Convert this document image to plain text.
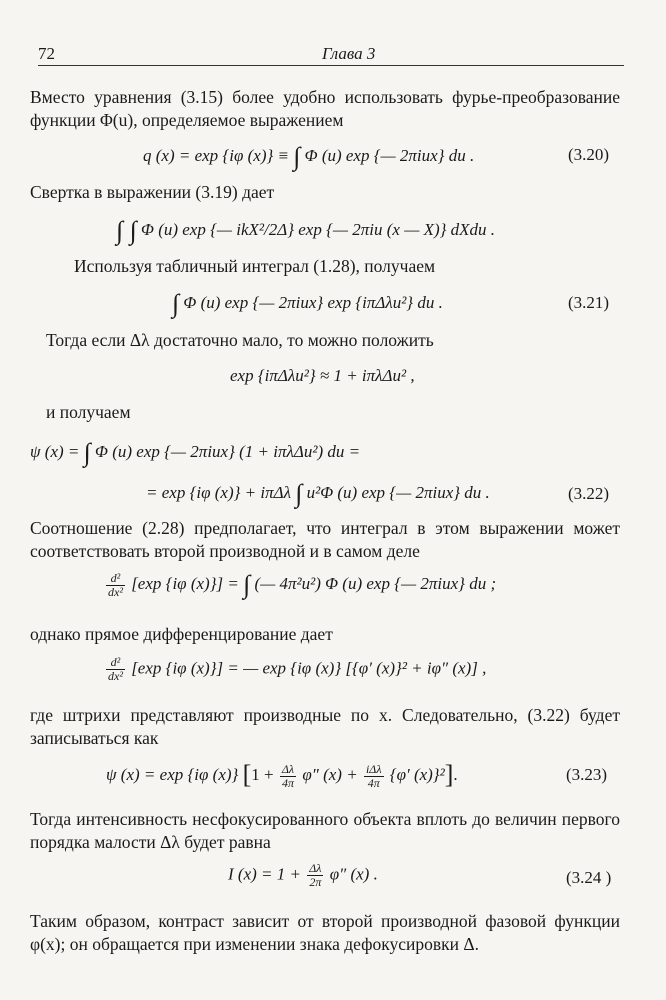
72	Глава 3
Вместо уравнения (3.15) более удобно использовать фурье-преобразование функции Φ(u), определяемое выражением
q (x) = exp {iφ (x)} ≡ ∫ Φ (u) exp {— 2πiux} du .	(3.20)
Свертка в выражении (3.19) дает
∫ ∫ Φ (u) exp {— ikX²/2Δ} exp {— 2πiu (x — X)} dXdu .
Используя табличный интеграл (1.28), получаем
∫ Φ (u) exp {— 2πiux} exp {iπΔλu²} du .	(3.21)
Тогда если Δλ достаточно мало, то можно положить
exp {iπΔλu²} ≈ 1 + iπλΔu² ,
и получаем
ψ (x) = ∫ Φ (u) exp {— 2πiux} (1 + iπλΔu²) du =
= exp {iφ (x)} + iπΔλ ∫ u²Φ (u) exp {— 2πiux} du .	(3.22)
Соотношение (2.28) предполагает, что интеграл в этом выражении может соответствовать второй производной и в самом деле
$\frac{\text{d²}}{\text{dx²}} [\exp$ {iφ (x)}] = ∫ (— 4π²u²) Φ (u) exp {— 2πiux} du ;
однако прямое дифференцирование дает
$\frac{\text{d²}}{\text{dx²}} [\exp$ {iφ (x)}] = — exp {iφ (x)} [{φ′ (x)}² + iφ″ (x)] ,
где штрихи представляют производные по x. Следовательно, (3.22) будет записываться как
ψ (x) = exp {iφ (x)} [$1 + \frac{\Delta\lambda}{4\pi} \varphi''$ $(x) + \frac{\text{iΔλ}}{4\pi} \{\varphi'$ (x)}²].	(3.23)
Тогда интенсивность несфокусированного объекта вплоть до величин первого порядка малости Δλ будет равна
I $(x) = 1 + \frac{\Delta\lambda}{2\pi} \varphi''$ (x) .	(3.24 )
Таким образом, контраст зависит от второй производной фазовой функции φ(x); он обращается при изменении знака дефокусировки Δ.
